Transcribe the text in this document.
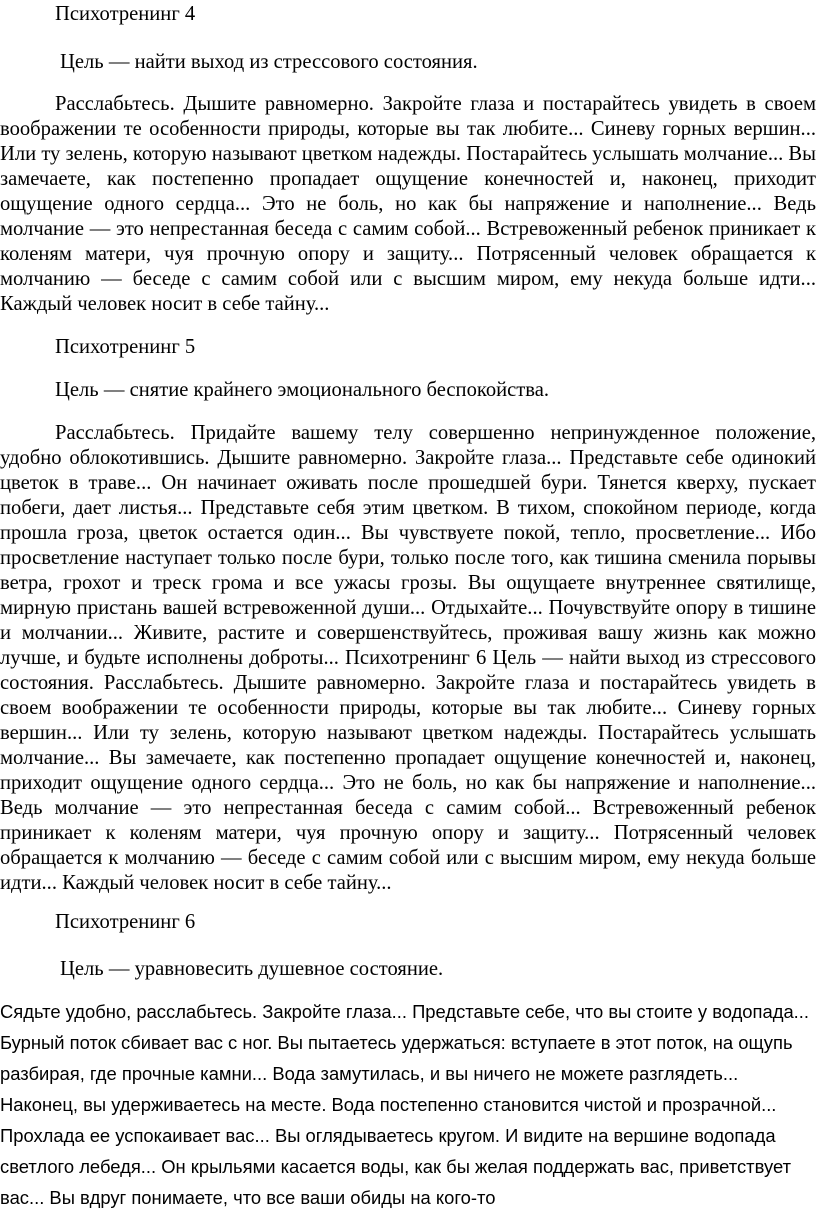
Психотренинг 4
Цель — найти выход из стрессового состояния.

Расслабьтесь. Дышите равномерно. Закройте глаза и постарайтесь увидеть в своем воображении те особенности природы, которые вы так любите... Синеву горных вершин... Или ту зелень, которую называют цветком надежды. Постарайтесь услышать молчание... Вы замечаете, как постепенно пропадает ощущение конечностей и, наконец, приходит ощущение одного сердца... Это не боль, но как бы напряжение и наполнение... Ведь молчание — это непрестанная беседа с самим собой... Встревоженный ребенок приникает к коленям матери, чуя прочную опору и защиту... Потрясенный человек обращается к молчанию — беседе с самим собой или с высшим миром, ему некуда больше идти... Каждый человек носит в себе тайну...

Психотренинг 5
Цель — снятие крайнего эмоционального беспокойства.

Расслабьтесь. Придайте вашему телу совершенно непринужденное положение, удобно облокотившись. Дышите равномерно. Закройте глаза... Представьте себе одинокий цветок в траве... Он начинает оживать после прошедшей бури. Тянется кверху, пускает побеги, дает листья... Представьте себя этим цветком. В тихом, спокойном периоде, когда прошла гроза, цветок остается один... Вы чувствуете покой, тепло, просветление... Ибо просветление наступает только после бури, только после того, как тишина сменила порывы ветра, грохот и треск грома и все ужасы грозы. Вы ощущаете внутреннее святилище, мирную пристань вашей встревоженной души... Отдыхайте... Почувствуйте опору в тишине и молчании... Живите, растите и совершенствуйтесь, проживая вашу жизнь как можно лучше, и будьте исполнены доброты... Психотренинг 6 Цель — найти выход из стрессового состояния. Расслабьтесь. Дышите равномерно. Закройте глаза и постарайтесь увидеть в своем воображении те особенности природы, которые вы так любите... Синеву горных вершин... Или ту зелень, которую называют цветком надежды. Постарайтесь услышать молчание... Вы замечаете, как постепенно пропадает ощущение конечностей и, наконец, приходит ощущение одного сердца... Это не боль, но как бы напряжение и наполнение... Ведь молчание — это непрестанная беседа с самим собой... Встревоженный ребенок приникает к коленям матери, чуя прочную опору и защиту... Потрясенный человек обращается к молчанию — беседе с самим собой или с высшим миром, ему некуда больше идти... Каждый человек носит в себе тайну...

Психотренинг 6
Цель — уравновесить душевное состояние.

Сядьте удобно, расслабьтесь. Закройте глаза... Представьте себе, что вы стоите у водопада... Бурный поток сбивает вас с ног. Вы пытаетесь удержаться: вступаете в этот поток, на ощупь разбирая, где прочные камни... Вода замутилась, и вы ничего не можете разглядеть... Наконец, вы удерживаетесь на месте. Вода постепенно становится чистой и прозрачной... Прохлада ее успокаивает вас... Вы оглядываетесь кругом. И видите на вершине водопада светлого лебедя... Он крыльями касается воды, как бы желая поддержать вас, приветствует вас... Вы вдруг понимаете, что все ваши обиды на кого-то
